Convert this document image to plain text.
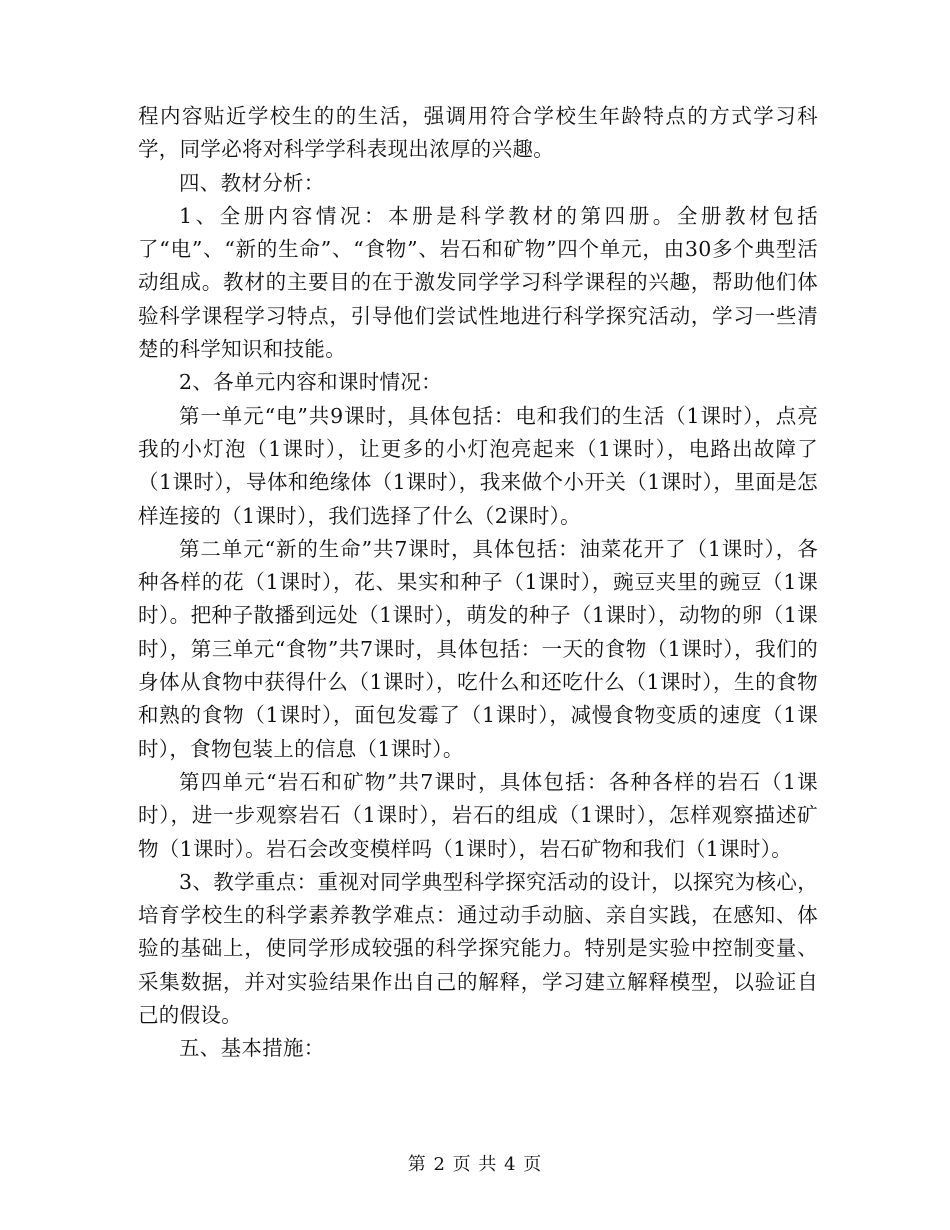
程内容贴近学校生的的生活，强调用符合学校生年龄特点的方式学习科学，同学必将对科学学科表现出浓厚的兴趣。

四、教材分析：

1、全册内容情况：本册是科学教材的第四册。全册教材包括了“电”、“新的生命”、“食物”、岩石和矿物”四个单元，由30多个典型活动组成。教材的主要目的在于激发同学学习科学课程的兴趣，帮助他们体验科学课程学习特点，引导他们尝试性地进行科学探究活动，学习一些清楚的科学知识和技能。

2、各单元内容和课时情况：

第一单元“电”共9课时，具体包括：电和我们的生活（1课时），点亮我的小灯泡（1课时），让更多的小灯泡亮起来（1课时），电路出故障了（1课时），导体和绝缘体（1课时），我来做个小开关（1课时），里面是怎样连接的（1课时），我们选择了什么（2课时）。

第二单元“新的生命”共7课时，具体包括：油菜花开了（1课时），各种各样的花（1课时），花、果实和种子（1课时），豌豆夹里的豌豆（1课时）。把种子散播到远处（1课时），萌发的种子（1课时），动物的卵（1课时），第三单元“食物”共7课时，具体包括：一天的食物（1课时），我们的身体从食物中获得什么（1课时），吃什么和还吃什么（1课时），生的食物和熟的食物（1课时），面包发霉了（1课时），减慢食物变质的速度（1课时），食物包装上的信息（1课时）。

第四单元“岩石和矿物”共7课时，具体包括：各种各样的岩石（1课时），进一步观察岩石（1课时），岩石的组成（1课时），怎样观察描述矿物（1课时）。岩石会改变模样吗（1课时），岩石矿物和我们（1课时）。

3、教学重点：重视对同学典型科学探究活动的设计，以探究为核心，培育学校生的科学素养教学难点：通过动手动脑、亲自实践，在感知、体验的基础上，使同学形成较强的科学探究能力。特别是实验中控制变量、采集数据，并对实验结果作出自己的解释，学习建立解释模型，以验证自己的假设。

五、基本措施：

第 2 页 共 4 页
